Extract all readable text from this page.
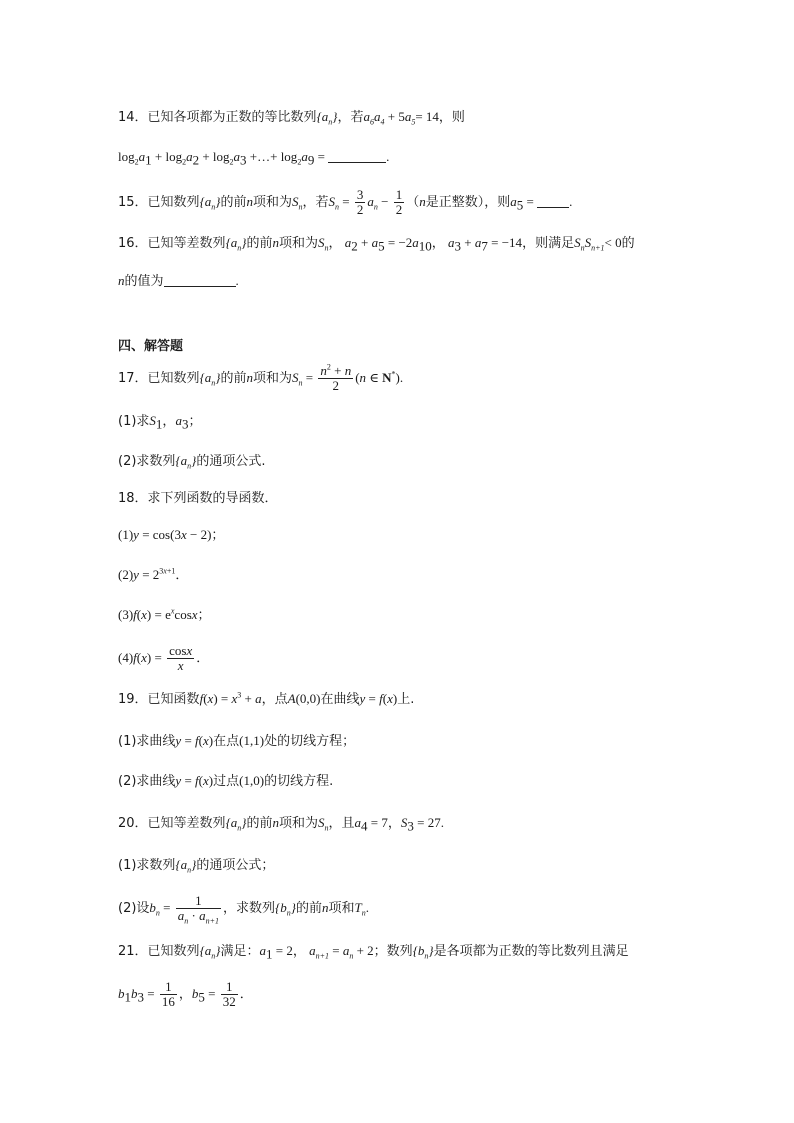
14．已知各项都为正数的等比数列$\{a_n\}$，若$a_6a_4 + 5a_5= 14$，则
$\log_2a_1 + \log_2a_2 + \log_2a_3$ +…+ $\log_2a_9$ =	.
15．已知数列$\{a_n\}$的前n项和为$S_n$，若$S_n = \frac{3}{2} a_n - \frac{1}{2} (n$是正整数），则$a_5$ = .
16．已知等差数列$\{a_n\}$的前n项和为$S_n$， $a_2 + a_5 = -2a_{10}$， $a_3 + a_7 = -14$，则满足$S_nS_{n+1}< 0$的
n的值为	.
四、解答题
17．已知数列$\{a_n\}$的前n项和为$S_n = \frac{n^2 + n}{2} (n$ ∈ N*).
(1)求$S_1$，$a_3$；
(2)求数列$\{a_n\}$的通项公式.
18．求下列函数的导函数．
(1)y = cos(3x − 2)；
$(2)y = 2^{3x+1}$．
$(3)f(x) = e^x\cos x$；
$(4)f(x) = \frac{\cos x}{x}$ ．
19．已知函数$f(x) = x^3 + a$，点A(0,0)在曲线y = f(x)上.
(1)求曲线y = f(x)在点(1,1)处的切线方程；
(2)求曲线y = f(x)过点(1,0)的切线方程.
20．已知等差数列$\{a_n\}$的前n项和为$S_n$，且$a_4 = 7$，$S_3 = 27$.
(1)求数列$\{a_n\}$的通项公式；
(2)设$b_n = \frac{1}{a_n \cdot a_{n+1}}$ ，求数列$\{b_n\}$的前n项和$T_n$.
21．已知数列$\{a_n\}$满足：$a_1 = 2$， $a_{n+1} = a_n + 2$；数列$\{b_n\}$是各项都为正数的等比数列且满足
$b_1b_3 = \frac{1}{16}$ ，$b_5 = \frac{1}{32}$ ．
